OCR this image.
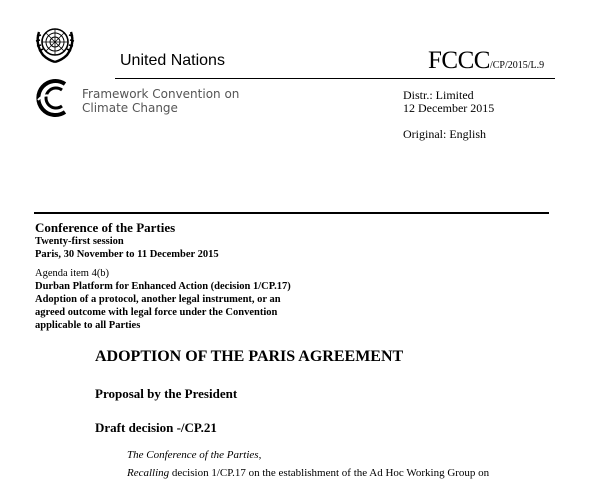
United Nations
Framework Convention on
Climate Change
FCCC/CP/2015/L.9
Distr.: Limited
12 December 2015
Original: English
Conference of the Parties
Twenty-first session
Paris, 30 November to 11 December 2015
Agenda item 4(b)
Durban Platform for Enhanced Action (decision 1/CP.17)
Adoption of a protocol, another legal instrument, or an
agreed outcome with legal force under the Convention
applicable to all Parties
ADOPTION OF THE PARIS AGREEMENT
Proposal by the President
Draft decision -/CP.21
The Conference of the Parties,
Recalling decision 1/CP.17 on the establishment of the Ad Hoc Working Group on
